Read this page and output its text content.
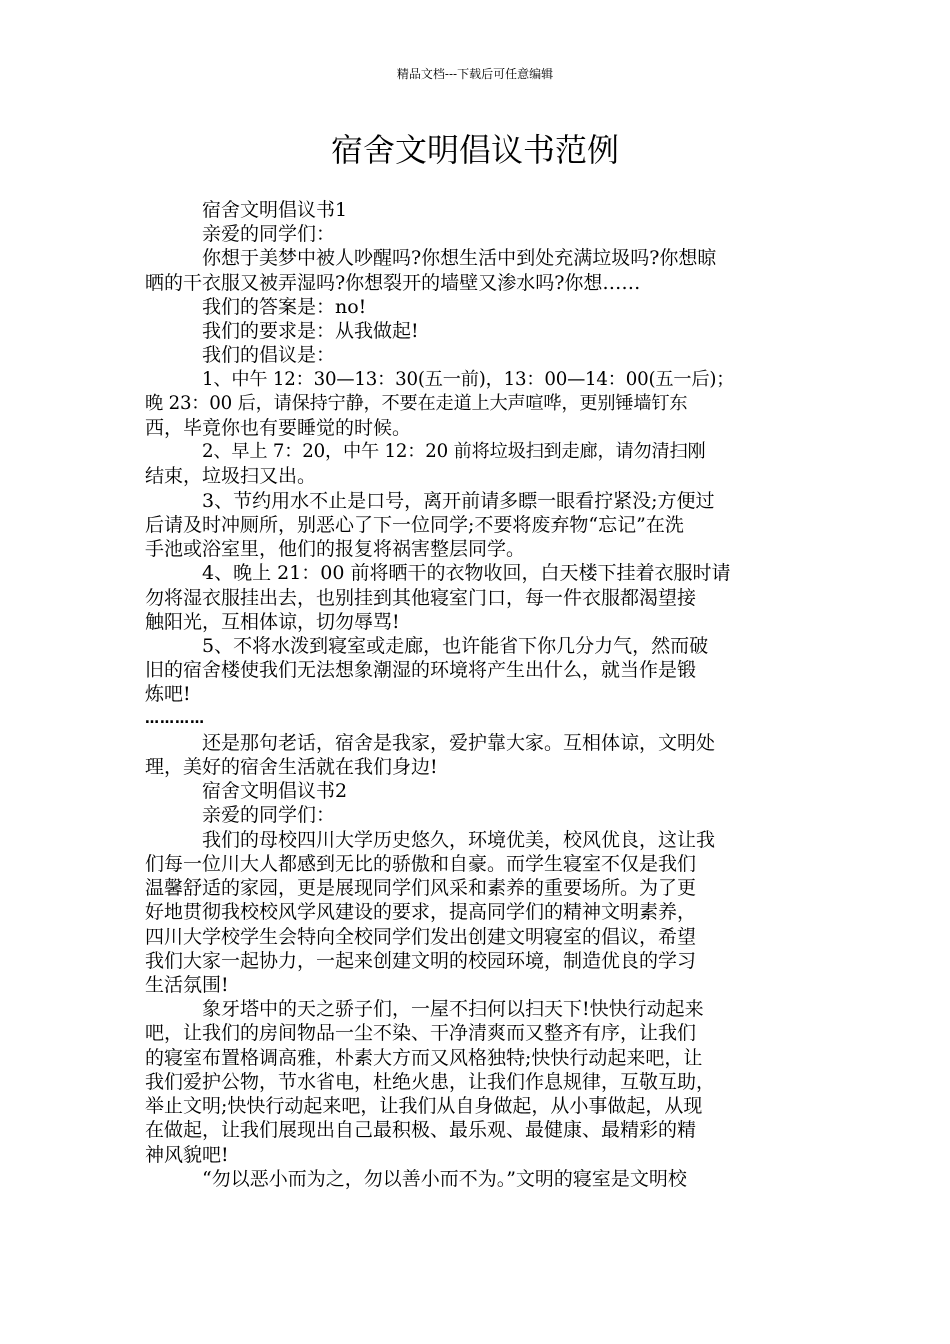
精品文档---下载后可任意编辑
宿舍文明倡议书范例
宿舍文明倡议书1
亲爱的同学们：
你想于美梦中被人吵醒吗?你想生活中到处充满垃圾吗?你想晾
晒的干衣服又被弄湿吗?你想裂开的墙壁又渗水吗?你想……
我们的答案是：no!
我们的要求是：从我做起!
我们的倡议是：
1、中午 12：30—13：30(五一前)，13：00—14：00(五一后)；
晚 23：00 后，请保持宁静，不要在走道上大声喧哗，更别锤墙钉东
西，毕竟你也有要睡觉的时候。
2、早上 7：20，中午 12：20 前将垃圾扫到走廊，请勿清扫刚
结束，垃圾扫又出。
3、节约用水不止是口号，离开前请多瞟一眼看拧紧没;方便过
后请及时冲厕所，别恶心了下一位同学;不要将废弃物“忘记”在洗
手池或浴室里，他们的报复将祸害整层同学。
4、晚上 21：00 前将晒干的衣物收回，白天楼下挂着衣服时请
勿将湿衣服挂出去，也别挂到其他寝室门口，每一件衣服都渴望接
触阳光，互相体谅，切勿辱骂!
5、不将水泼到寝室或走廊，也许能省下你几分力气，然而破
旧的宿舍楼使我们无法想象潮湿的环境将产生出什么，就当作是锻
炼吧!
…………
还是那句老话，宿舍是我家，爱护靠大家。互相体谅，文明处
理，美好的宿舍生活就在我们身边!
宿舍文明倡议书2
亲爱的同学们：
我们的母校四川大学历史悠久，环境优美，校风优良，这让我
们每一位川大人都感到无比的骄傲和自豪。而学生寝室不仅是我们
温馨舒适的家园，更是展现同学们风采和素养的重要场所。为了更
好地贯彻我校校风学风建设的要求，提高同学们的精神文明素养，
四川大学校学生会特向全校同学们发出创建文明寝室的倡议，希望
我们大家一起协力，一起来创建文明的校园环境，制造优良的学习
生活氛围!
象牙塔中的天之骄子们，一屋不扫何以扫天下!快快行动起来
吧，让我们的房间物品一尘不染、干净清爽而又整齐有序，让我们
的寝室布置格调高雅，朴素大方而又风格独特;快快行动起来吧，让
我们爱护公物，节水省电，杜绝火患，让我们作息规律，互敬互助，
举止文明;快快行动起来吧，让我们从自身做起，从小事做起，从现
在做起，让我们展现出自己最积极、最乐观、最健康、最精彩的精
神风貌吧!
“勿以恶小而为之，勿以善小而不为。”文明的寝室是文明校
